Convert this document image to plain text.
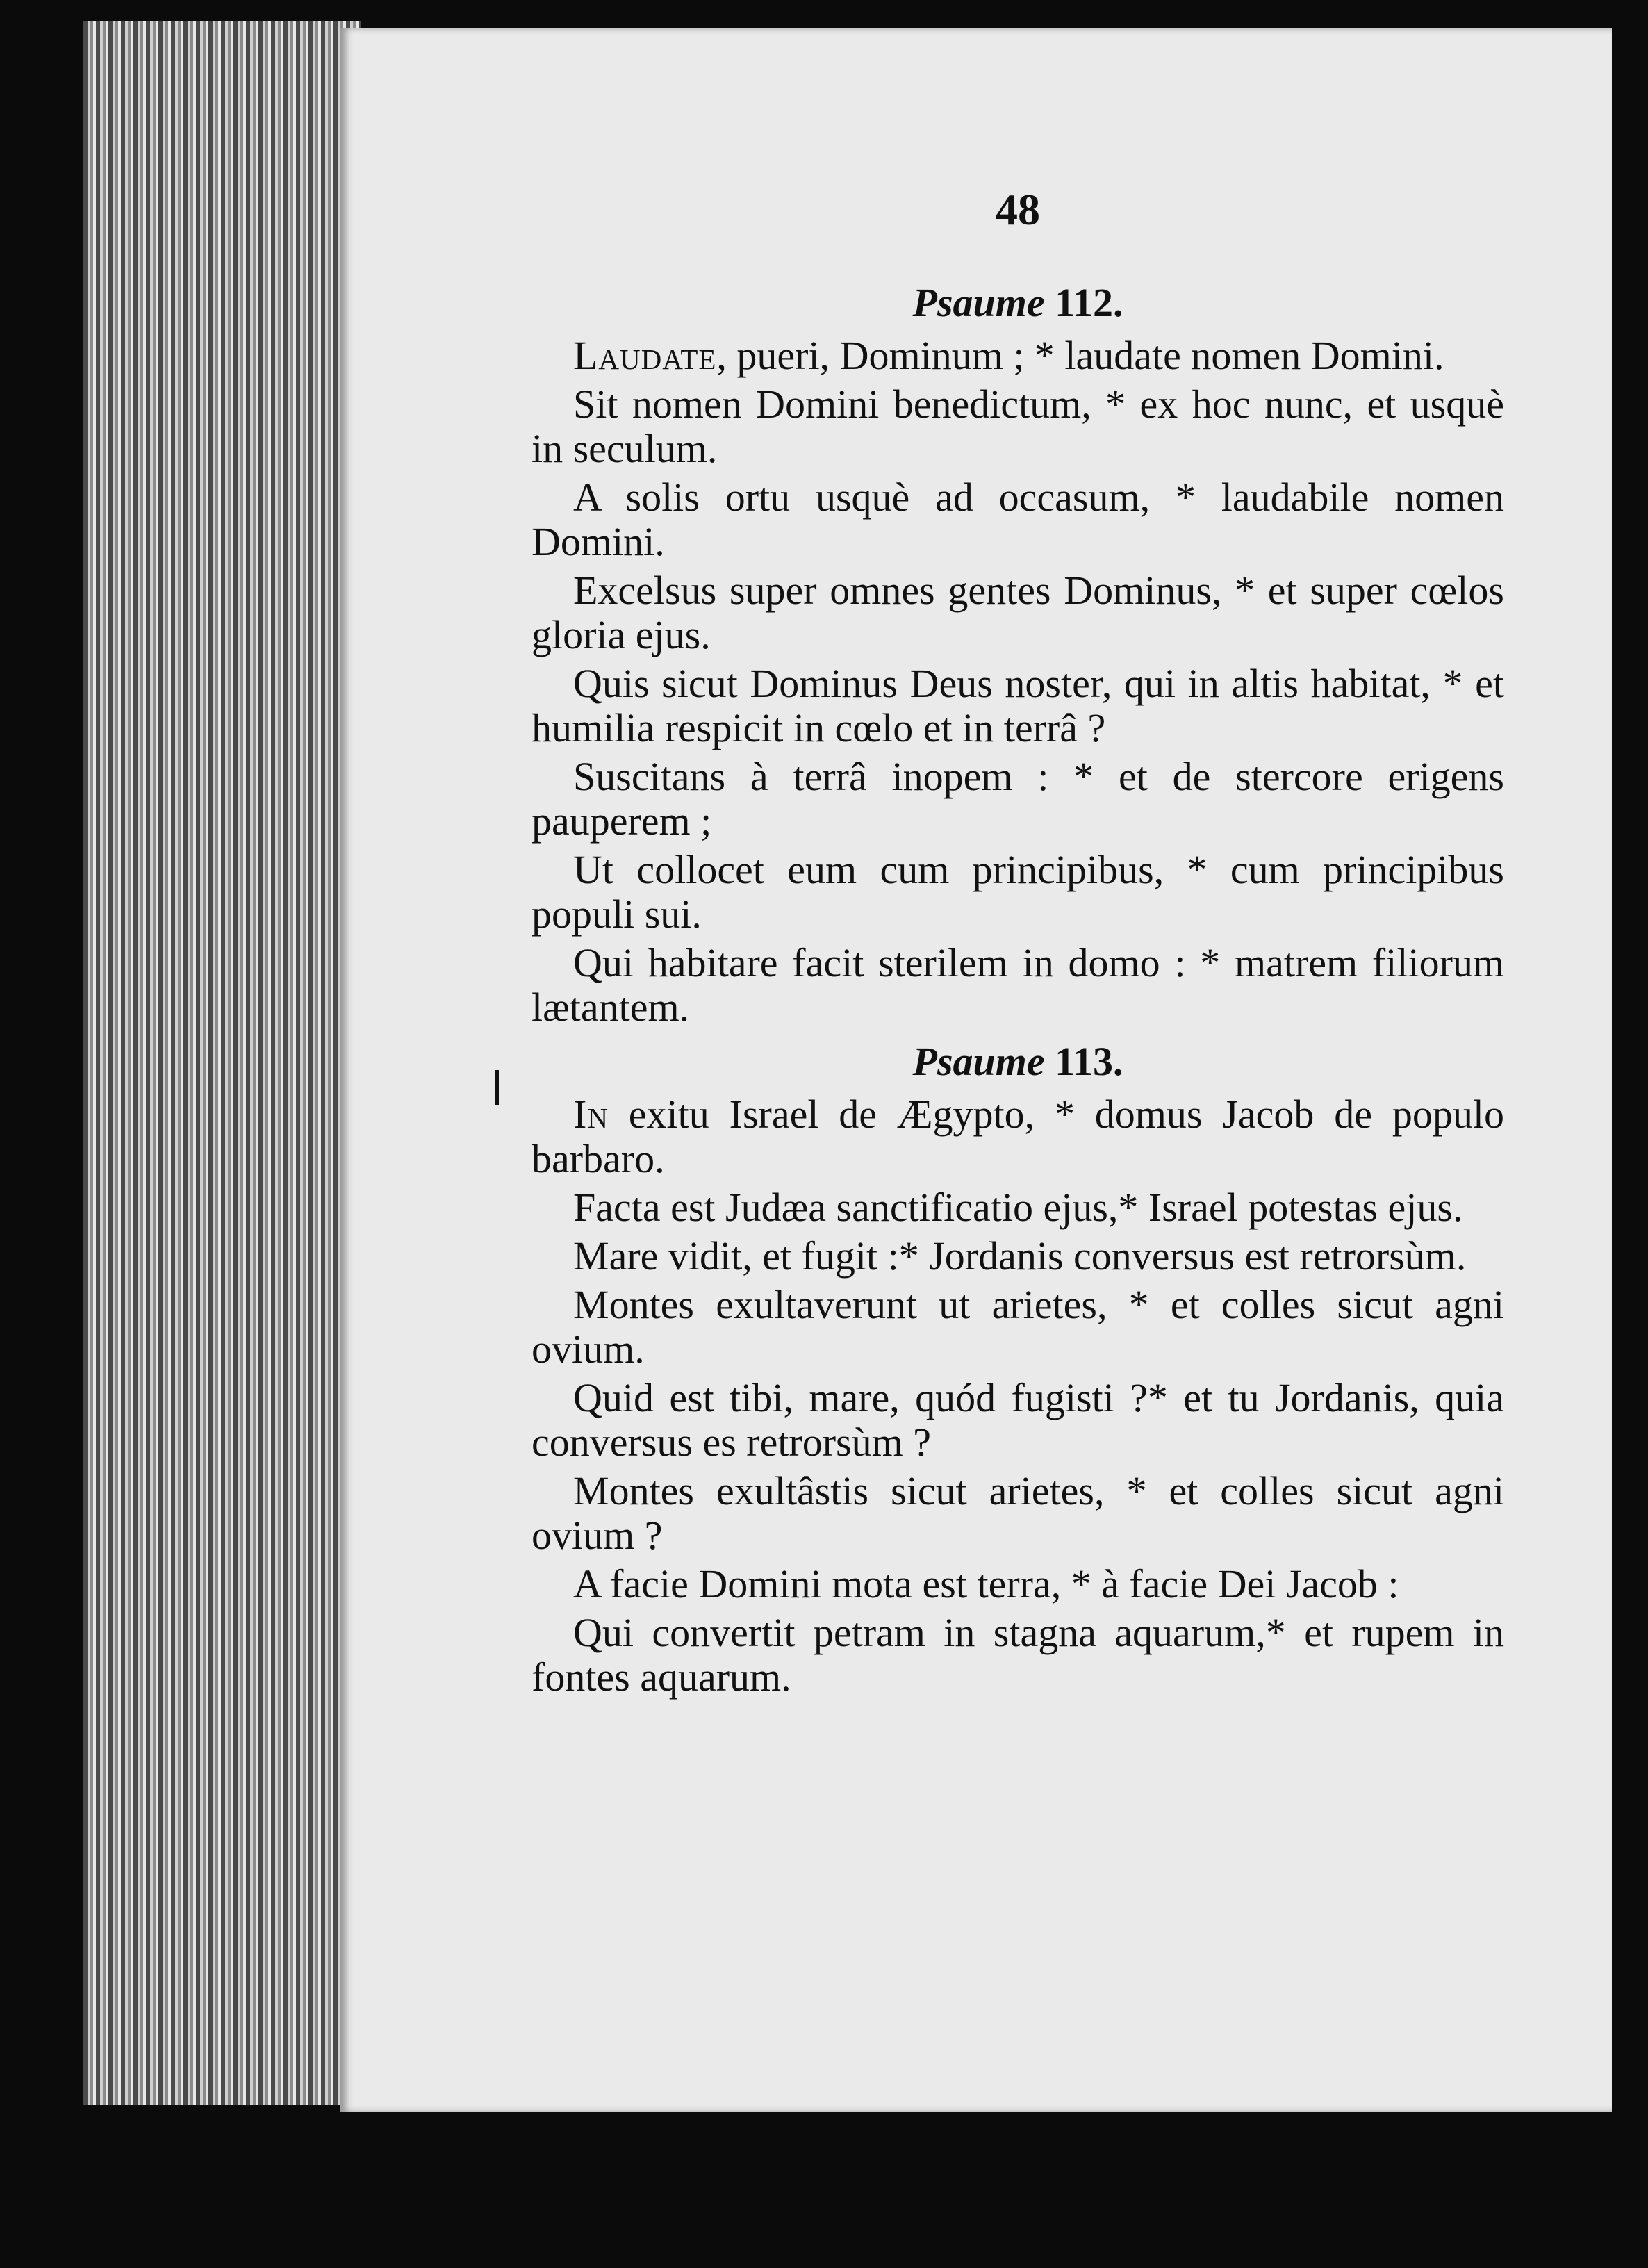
48
Psaume 112.

Laudate, pueri, Dominum ; * laudate nomen Domini.

Sit nomen Domini benedictum, * ex hoc nunc, et usquè in seculum.

A solis ortu usquè ad occasum, * laudabile nomen Domini.

Excelsus super omnes gentes Dominus, * et super cœlos gloria ejus.

Quis sicut Dominus Deus noster, qui in altis habitat, * et humilia respicit in cœlo et in terrâ ?

Suscitans à terrâ inopem : * et de stercore erigens pauperem ;

Ut collocet eum cum principibus, * cum principibus populi sui.

Qui habitare facit sterilem in domo : * matrem filiorum lætantem.

Psaume 113.

In exitu Israel de Ægypto, * domus Jacob de populo barbaro.

Facta est Judæa sanctificatio ejus,* Israel potestas ejus.

Mare vidit, et fugit :* Jordanis conversus est retrorsùm.

Montes exultaverunt ut arietes, * et colles sicut agni ovium.

Quid est tibi, mare, quód fugisti ?* et tu Jordanis, quia conversus es retrorsùm ?

Montes exultâstis sicut arietes, * et colles sicut agni ovium ?

A facie Domini mota est terra, * à facie Dei Jacob :

Qui convertit petram in stagna aquarum,* et rupem in fontes aquarum.
